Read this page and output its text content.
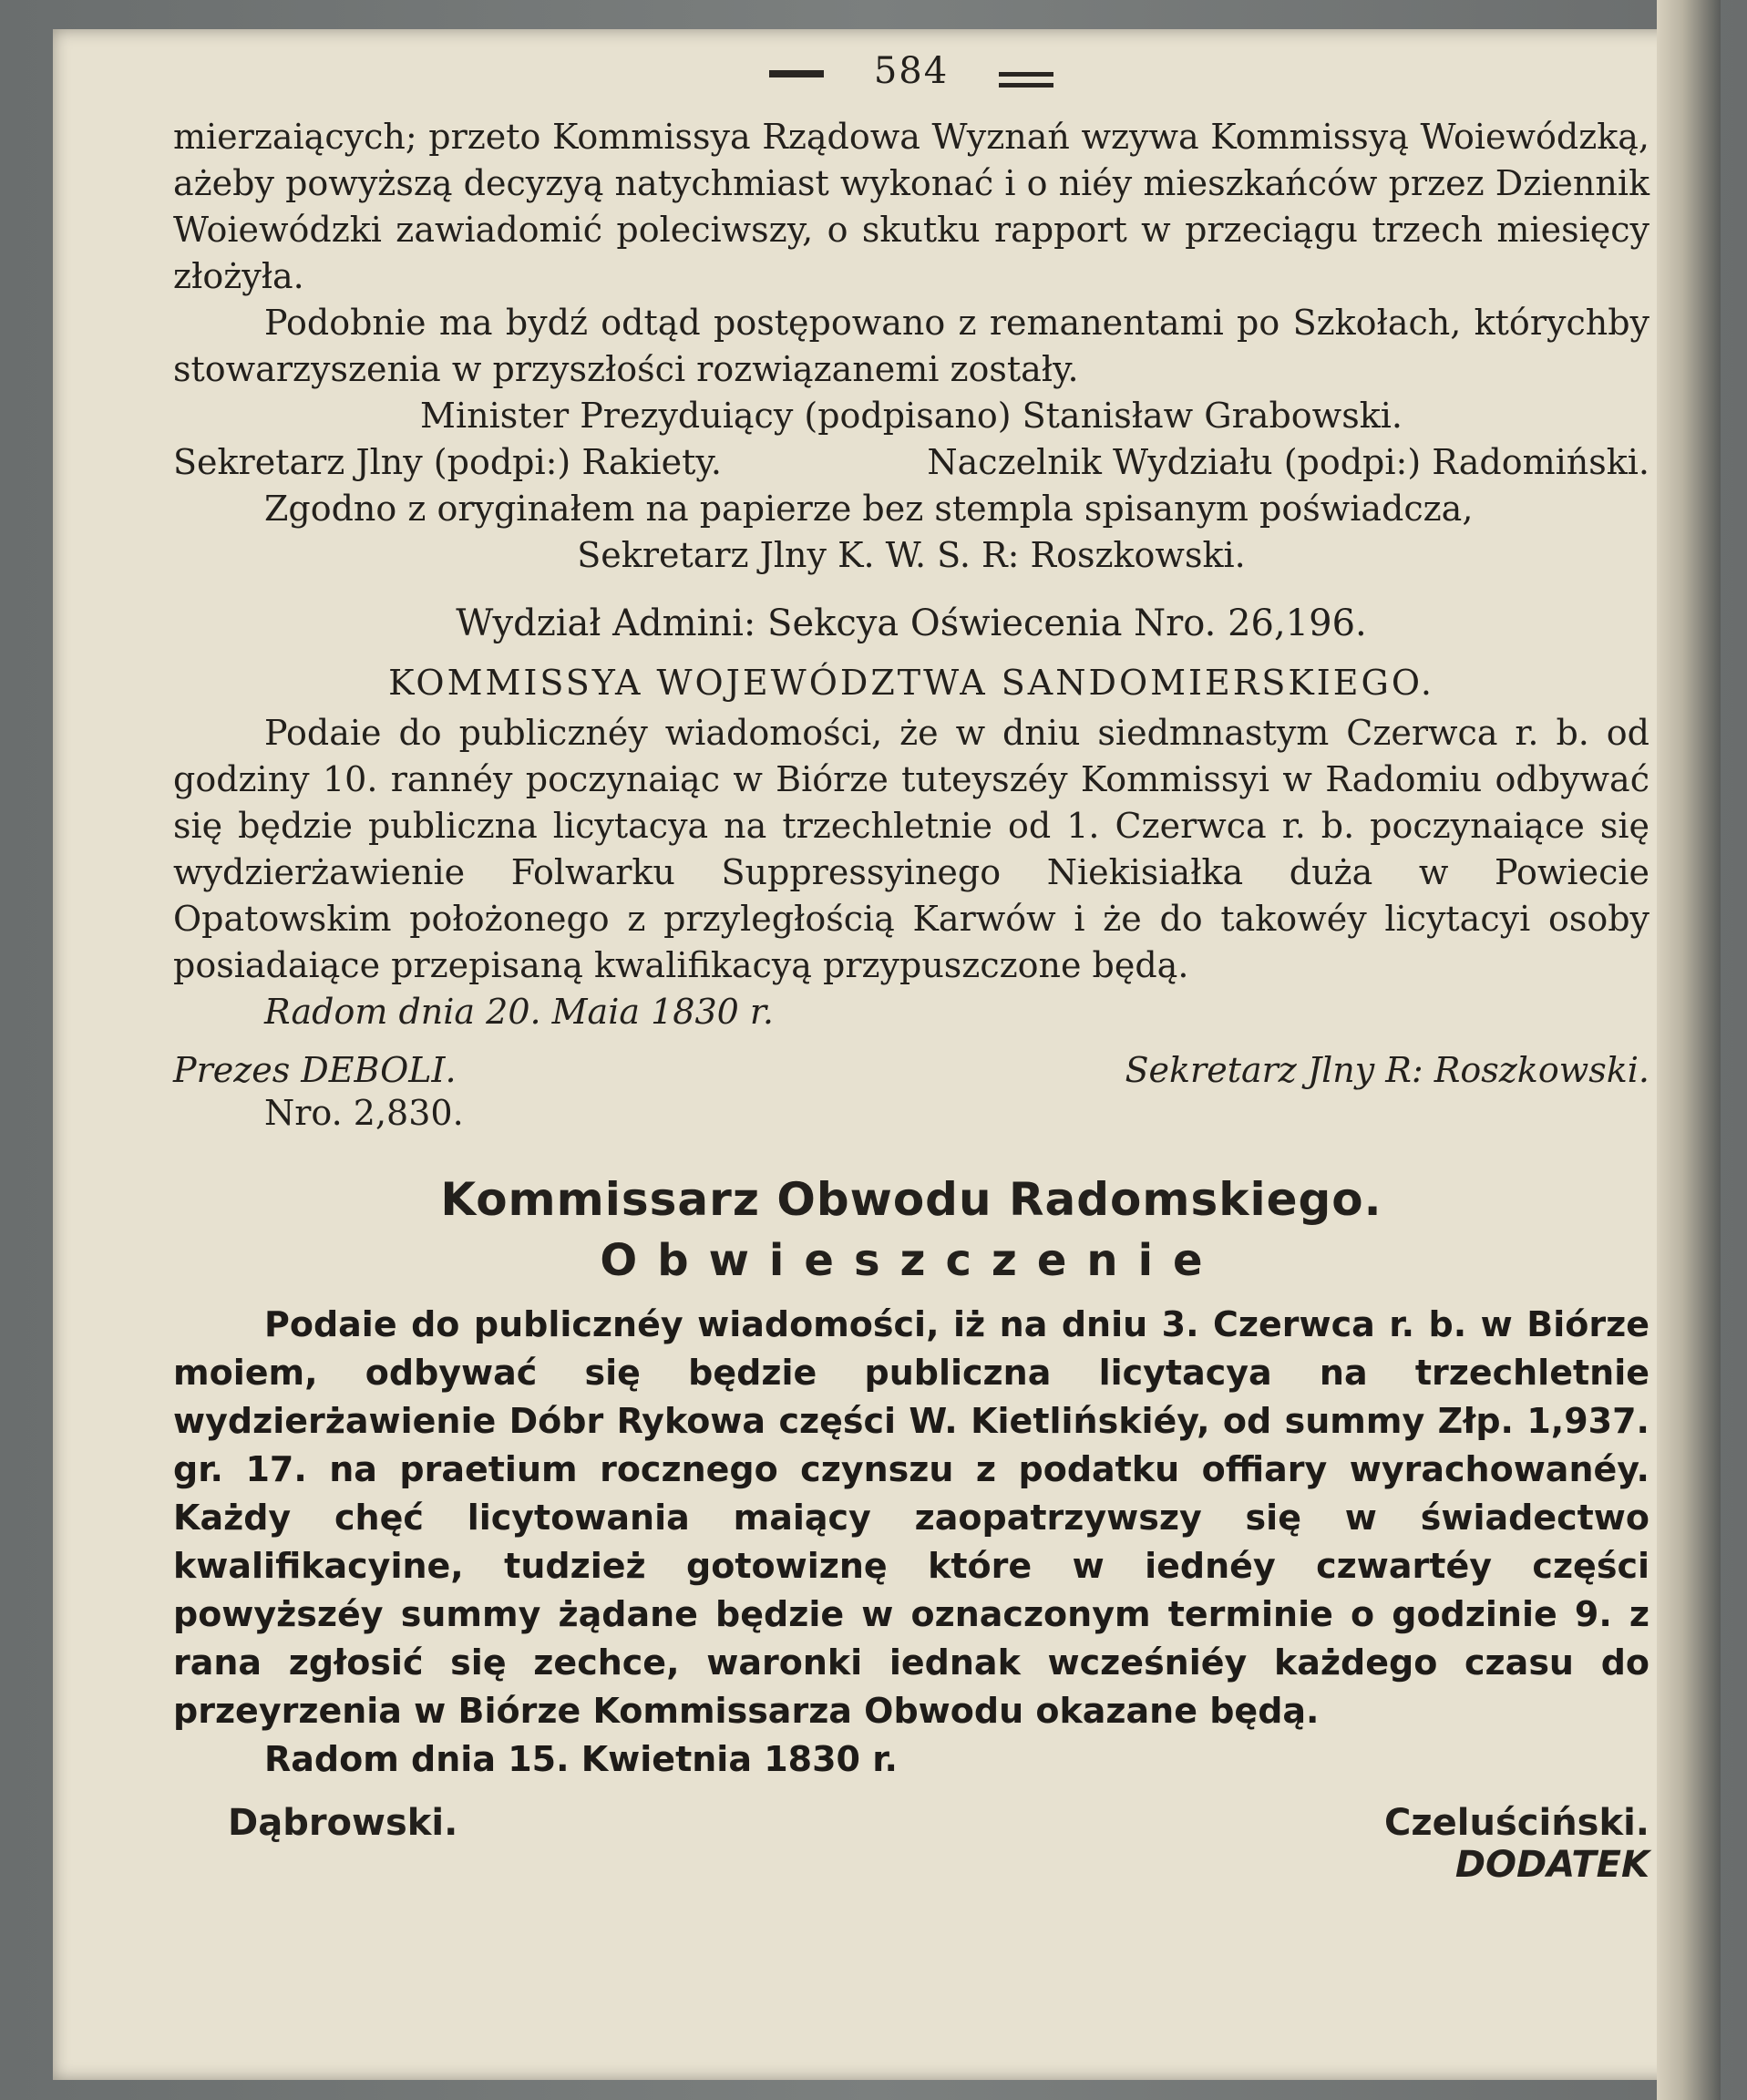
584

mierzaiących; przeto Kommissya Rządowa Wyznań wzywa Kommissyą Woiewódzką, ażeby powyższą decyzyą natychmiast wykonać i o niéy mieszkańców przez Dziennik Woiewódzki zawiadomić poleciwszy, o skutku rapport w przeciągu trzech miesięcy złożyła.

Podobnie ma bydź odtąd postępowano z remanentami po Szkołach, którychby stowarzyszenia w przyszłości rozwiązanemi zostały.

Minister Prezyduiący (podpisano) Stanisław Grabowski.

Sekretarz Jlny (podpi:) Rakiety.	Naczelnik Wydziału (podpi:) Radomiński.

Zgodno z oryginałem na papierze bez stempla spisanym poświadcza,

Sekretarz Jlny K. W. S. R: Roszkowski.

Wydział Admini: Sekcya Oświecenia Nro. 26,196.

KOMMISSYA WOJEWÓDZTWA SANDOMIERSKIEGO.

Podaie do publicznéy wiadomości, że w dniu siedmnastym Czerwca r. b. od godziny 10. rannéy poczynaiąc w Biórze tuteyszéy Kommissyi w Radomiu odbywać się będzie publiczna licytacya na trzechletnie od 1. Czerwca r. b. poczynaiące się wydzierżawienie Folwarku Suppressyinego Niekisiałka duża w Powiecie Opatowskim położonego z przyległością Karwów i że do takowéy licytacyi osoby posiadaiące przepisaną kwalifikacyą przypuszczone będą.

Radom dnia 20. Maia 1830 r.

Prezes DEBOLI.	Sekretarz Jlny R: Roszkowski.

Nro. 2,830.

Kommissarz Obwodu Radomskiego.

Obwieszczenie

Podaie do publicznéy wiadomości, iż na dniu 3. Czerwca r. b. w Biórze moiem, odbywać się będzie publiczna licytacya na trzechletnie wydzierżawienie Dóbr Rykowa części W. Kietlińskiéy, od summy Złp. 1,937. gr. 17. na praetium rocznego czynszu z podatku offiary wyrachowanéy. Każdy chęć licytowania maiący zaopatrzywszy się w świadectwo kwalifikacyine, tudzież gotowiznę które w iednéy czwartéy części powyższéy summy żądane będzie w oznaczonym terminie o godzinie 9. z rana zgłosić się zechce, waronki iednak wcześniéy każdego czasu do przeyrzenia w Biórze Kommissarza Obwodu okazane będą.

Radom dnia 15. Kwietnia 1830 r.

Dąbrowski.	Czeluściński.
DODATEK
